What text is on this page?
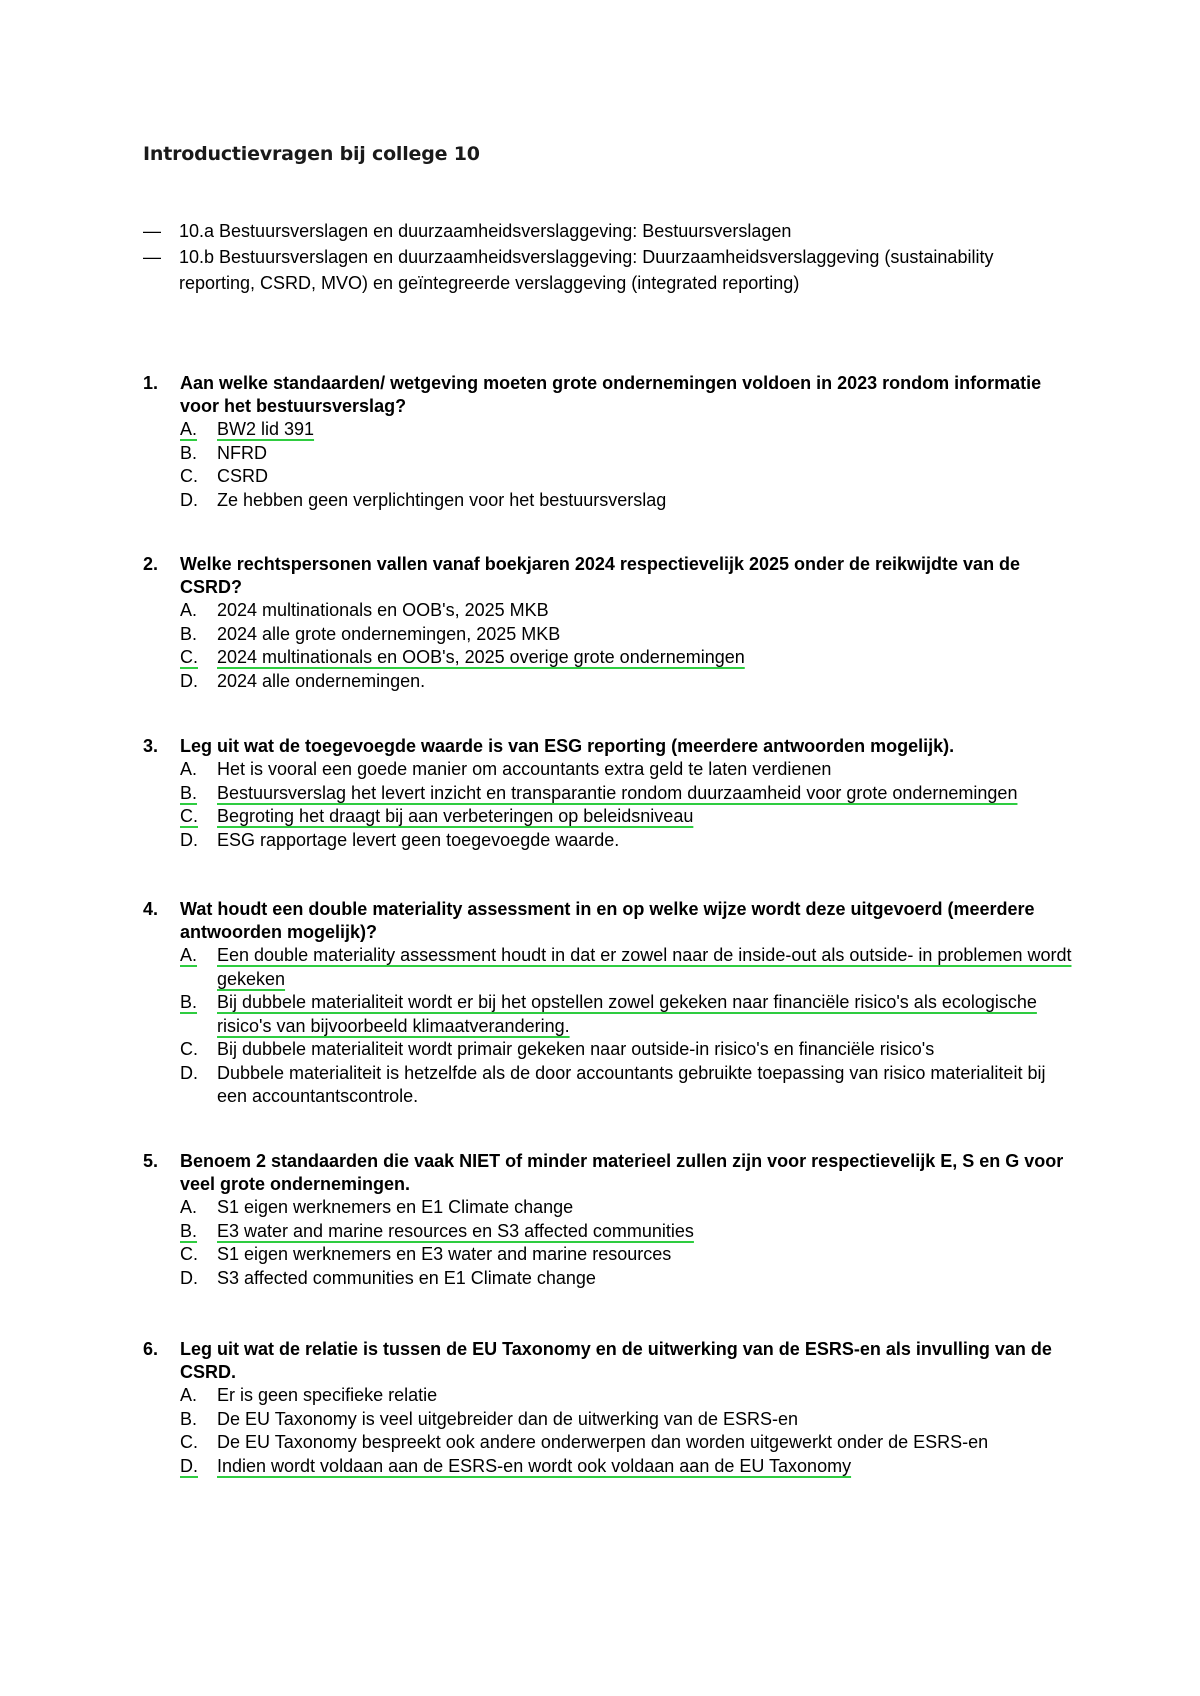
Introductievragen bij college 10
—	10.a Bestuursverslagen en duurzaamheidsverslaggeving: Bestuursverslagen
—	10.b Bestuursverslagen en duurzaamheidsverslaggeving: Duurzaamheidsverslaggeving (sustainability reporting, CSRD, MVO) en geïntegreerde verslaggeving (integrated reporting)
1.	Aan welke standaarden/ wetgeving moeten grote ondernemingen voldoen in 2023 rondom informatie voor het bestuursverslag?
A.	BW2 lid 391
B.	NFRD
C.	CSRD
D.	Ze hebben geen verplichtingen voor het bestuursverslag
2.	Welke rechtspersonen vallen vanaf boekjaren 2024 respectievelijk 2025 onder de reikwijdte van de CSRD?
A.	2024 multinationals en OOB's, 2025 MKB
B.	2024 alle grote ondernemingen, 2025 MKB
C.	2024 multinationals en OOB's, 2025 overige grote ondernemingen
D.	2024 alle ondernemingen.
3.	Leg uit wat de toegevoegde waarde is van ESG reporting (meerdere antwoorden mogelijk).
A.	Het is vooral een goede manier om accountants extra geld te laten verdienen
B.	Bestuursverslag het levert inzicht en transparantie rondom duurzaamheid voor grote ondernemingen
C.	Begroting het draagt bij aan verbeteringen op beleidsniveau
D.	ESG rapportage levert geen toegevoegde waarde.
4.	Wat houdt een double materiality assessment in en op welke wijze wordt deze uitgevoerd (meerdere antwoorden mogelijk)?
A.	Een double materiality assessment houdt in dat er zowel naar de inside-out als outside- in problemen wordt gekeken
B.	Bij dubbele materialiteit wordt er bij het opstellen zowel gekeken naar financiële risico's als ecologische risico's van bijvoorbeeld klimaatverandering.
C.	Bij dubbele materialiteit wordt primair gekeken naar outside-in risico's en financiële risico's
D.	Dubbele materialiteit is hetzelfde als de door accountants gebruikte toepassing van risico materialiteit bij een accountantscontrole.
5.	Benoem 2 standaarden die vaak NIET of minder materieel zullen zijn voor respectievelijk E, S en G voor veel grote ondernemingen.
A.	S1 eigen werknemers en E1 Climate change
B.	E3 water and marine resources en S3 affected communities
C.	S1 eigen werknemers en E3 water and marine resources
D.	S3 affected communities en E1 Climate change
6.	Leg uit wat de relatie is tussen de EU Taxonomy en de uitwerking van de ESRS-en als invulling van de CSRD.
A.	Er is geen specifieke relatie
B.	De EU Taxonomy is veel uitgebreider dan de uitwerking van de ESRS-en
C.	De EU Taxonomy bespreekt ook andere onderwerpen dan worden uitgewerkt onder de ESRS-en
D.	Indien wordt voldaan aan de ESRS-en wordt ook voldaan aan de EU Taxonomy
